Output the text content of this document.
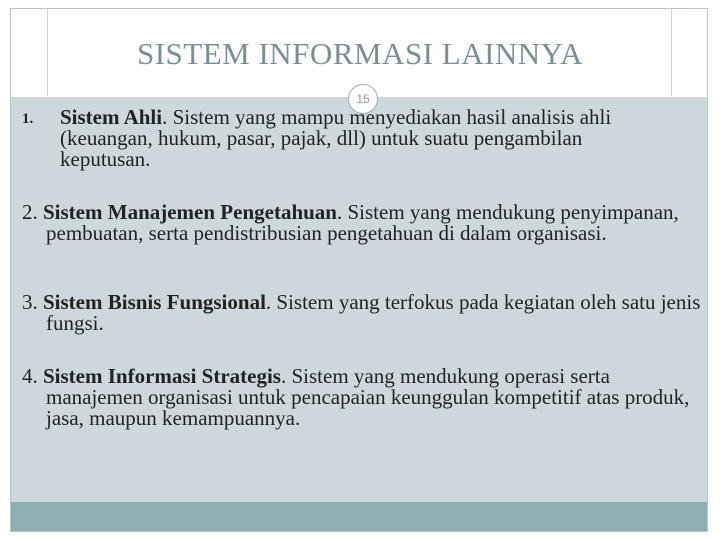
SISTEM INFORMASI LAINNYA
15
1. Sistem Ahli. Sistem yang mampu menyediakan hasil analisis ahli (keuangan, hukum, pasar, pajak, dll) untuk suatu pengambilan keputusan.
2. Sistem Manajemen Pengetahuan. Sistem yang mendukung penyimpanan, pembuatan, serta pendistribusian pengetahuan di dalam organisasi.
3. Sistem Bisnis Fungsional. Sistem yang terfokus pada kegiatan oleh satu jenis fungsi.
4. Sistem Informasi Strategis. Sistem yang mendukung operasi serta manajemen organisasi untuk pencapaian keunggulan kompetitif atas produk, jasa, maupun kemampuannya.
